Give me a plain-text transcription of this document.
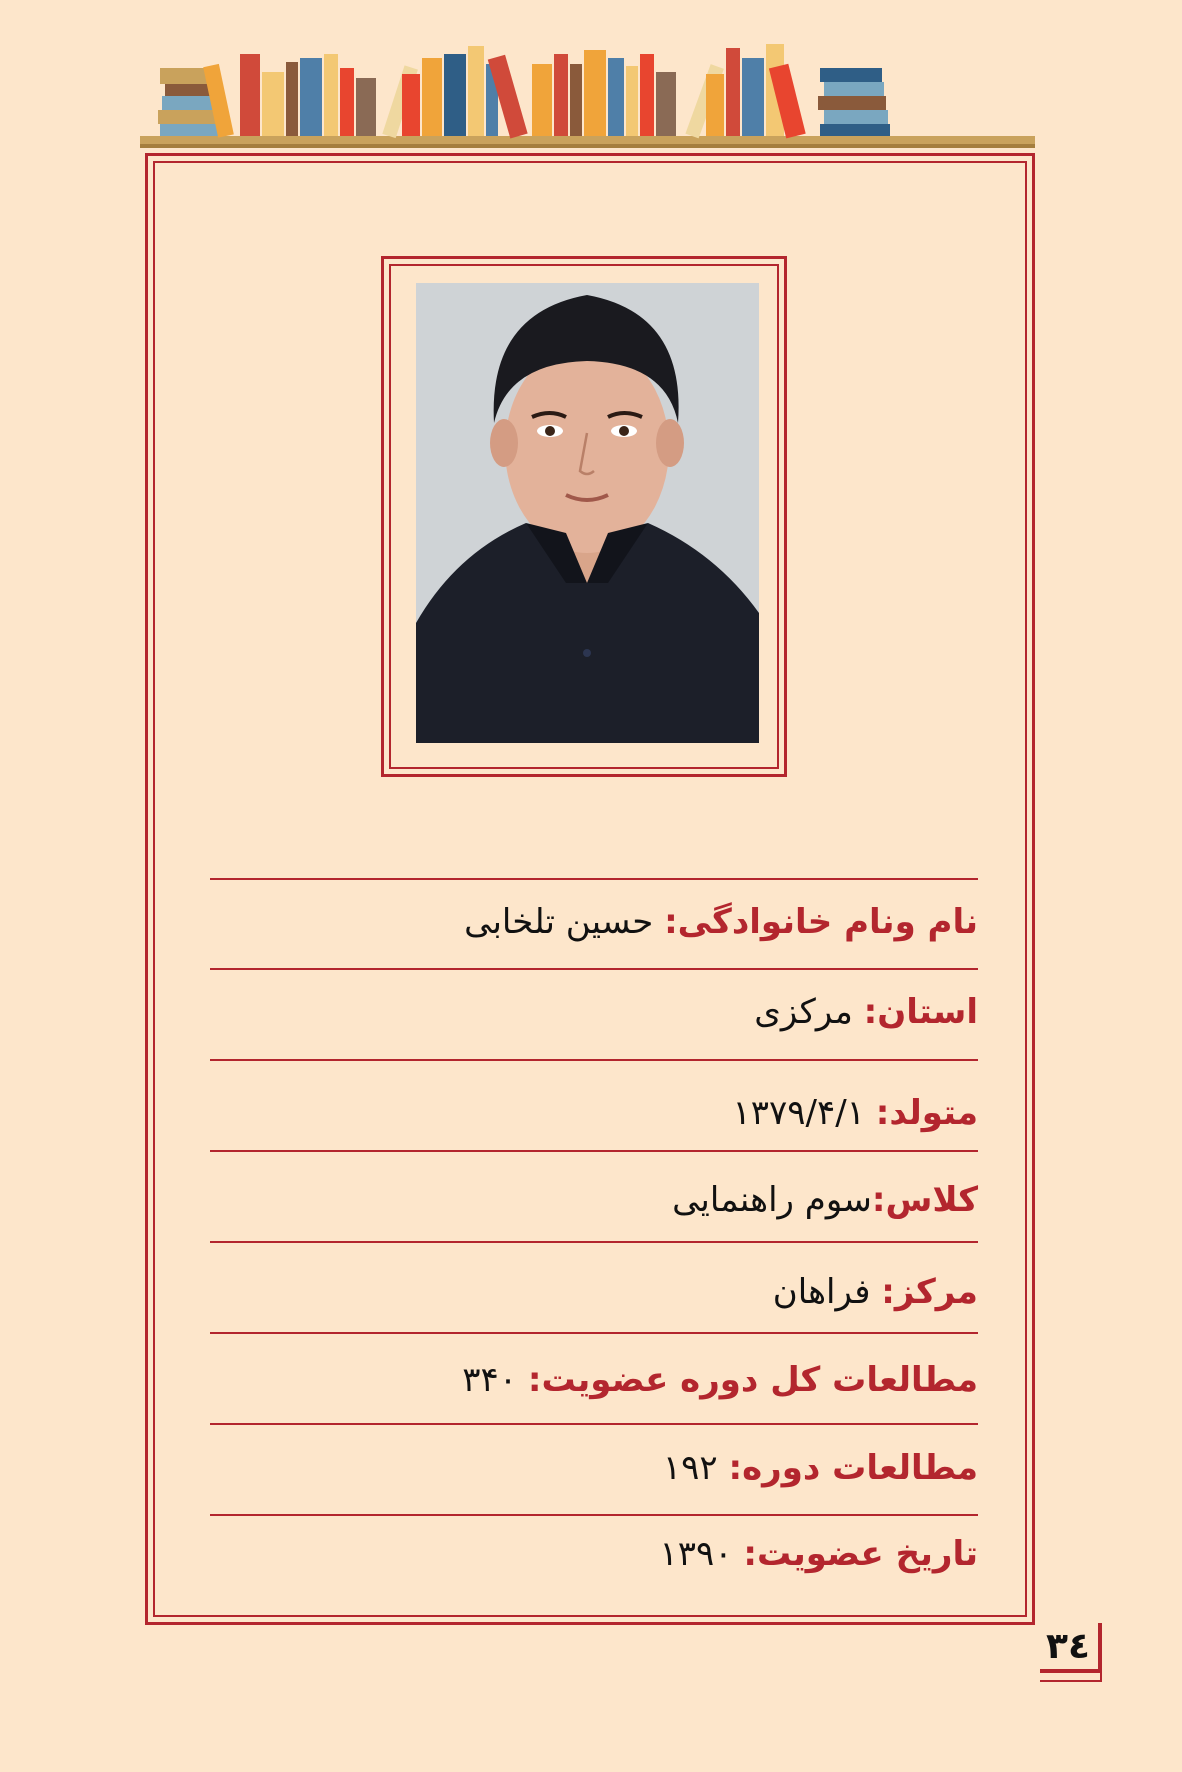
نام ونام خانوادگی: حسین تلخابی
استان: مرکزی
متولد: ۱۳۷۹/۴/۱
کلاس:سوم راهنمایی
مرکز: فراهان
مطالعات کل دوره عضویت: ۳۴۰
مطالعات دوره: ۱۹۲
تاریخ عضویت: ۱۳۹۰
٣٤
